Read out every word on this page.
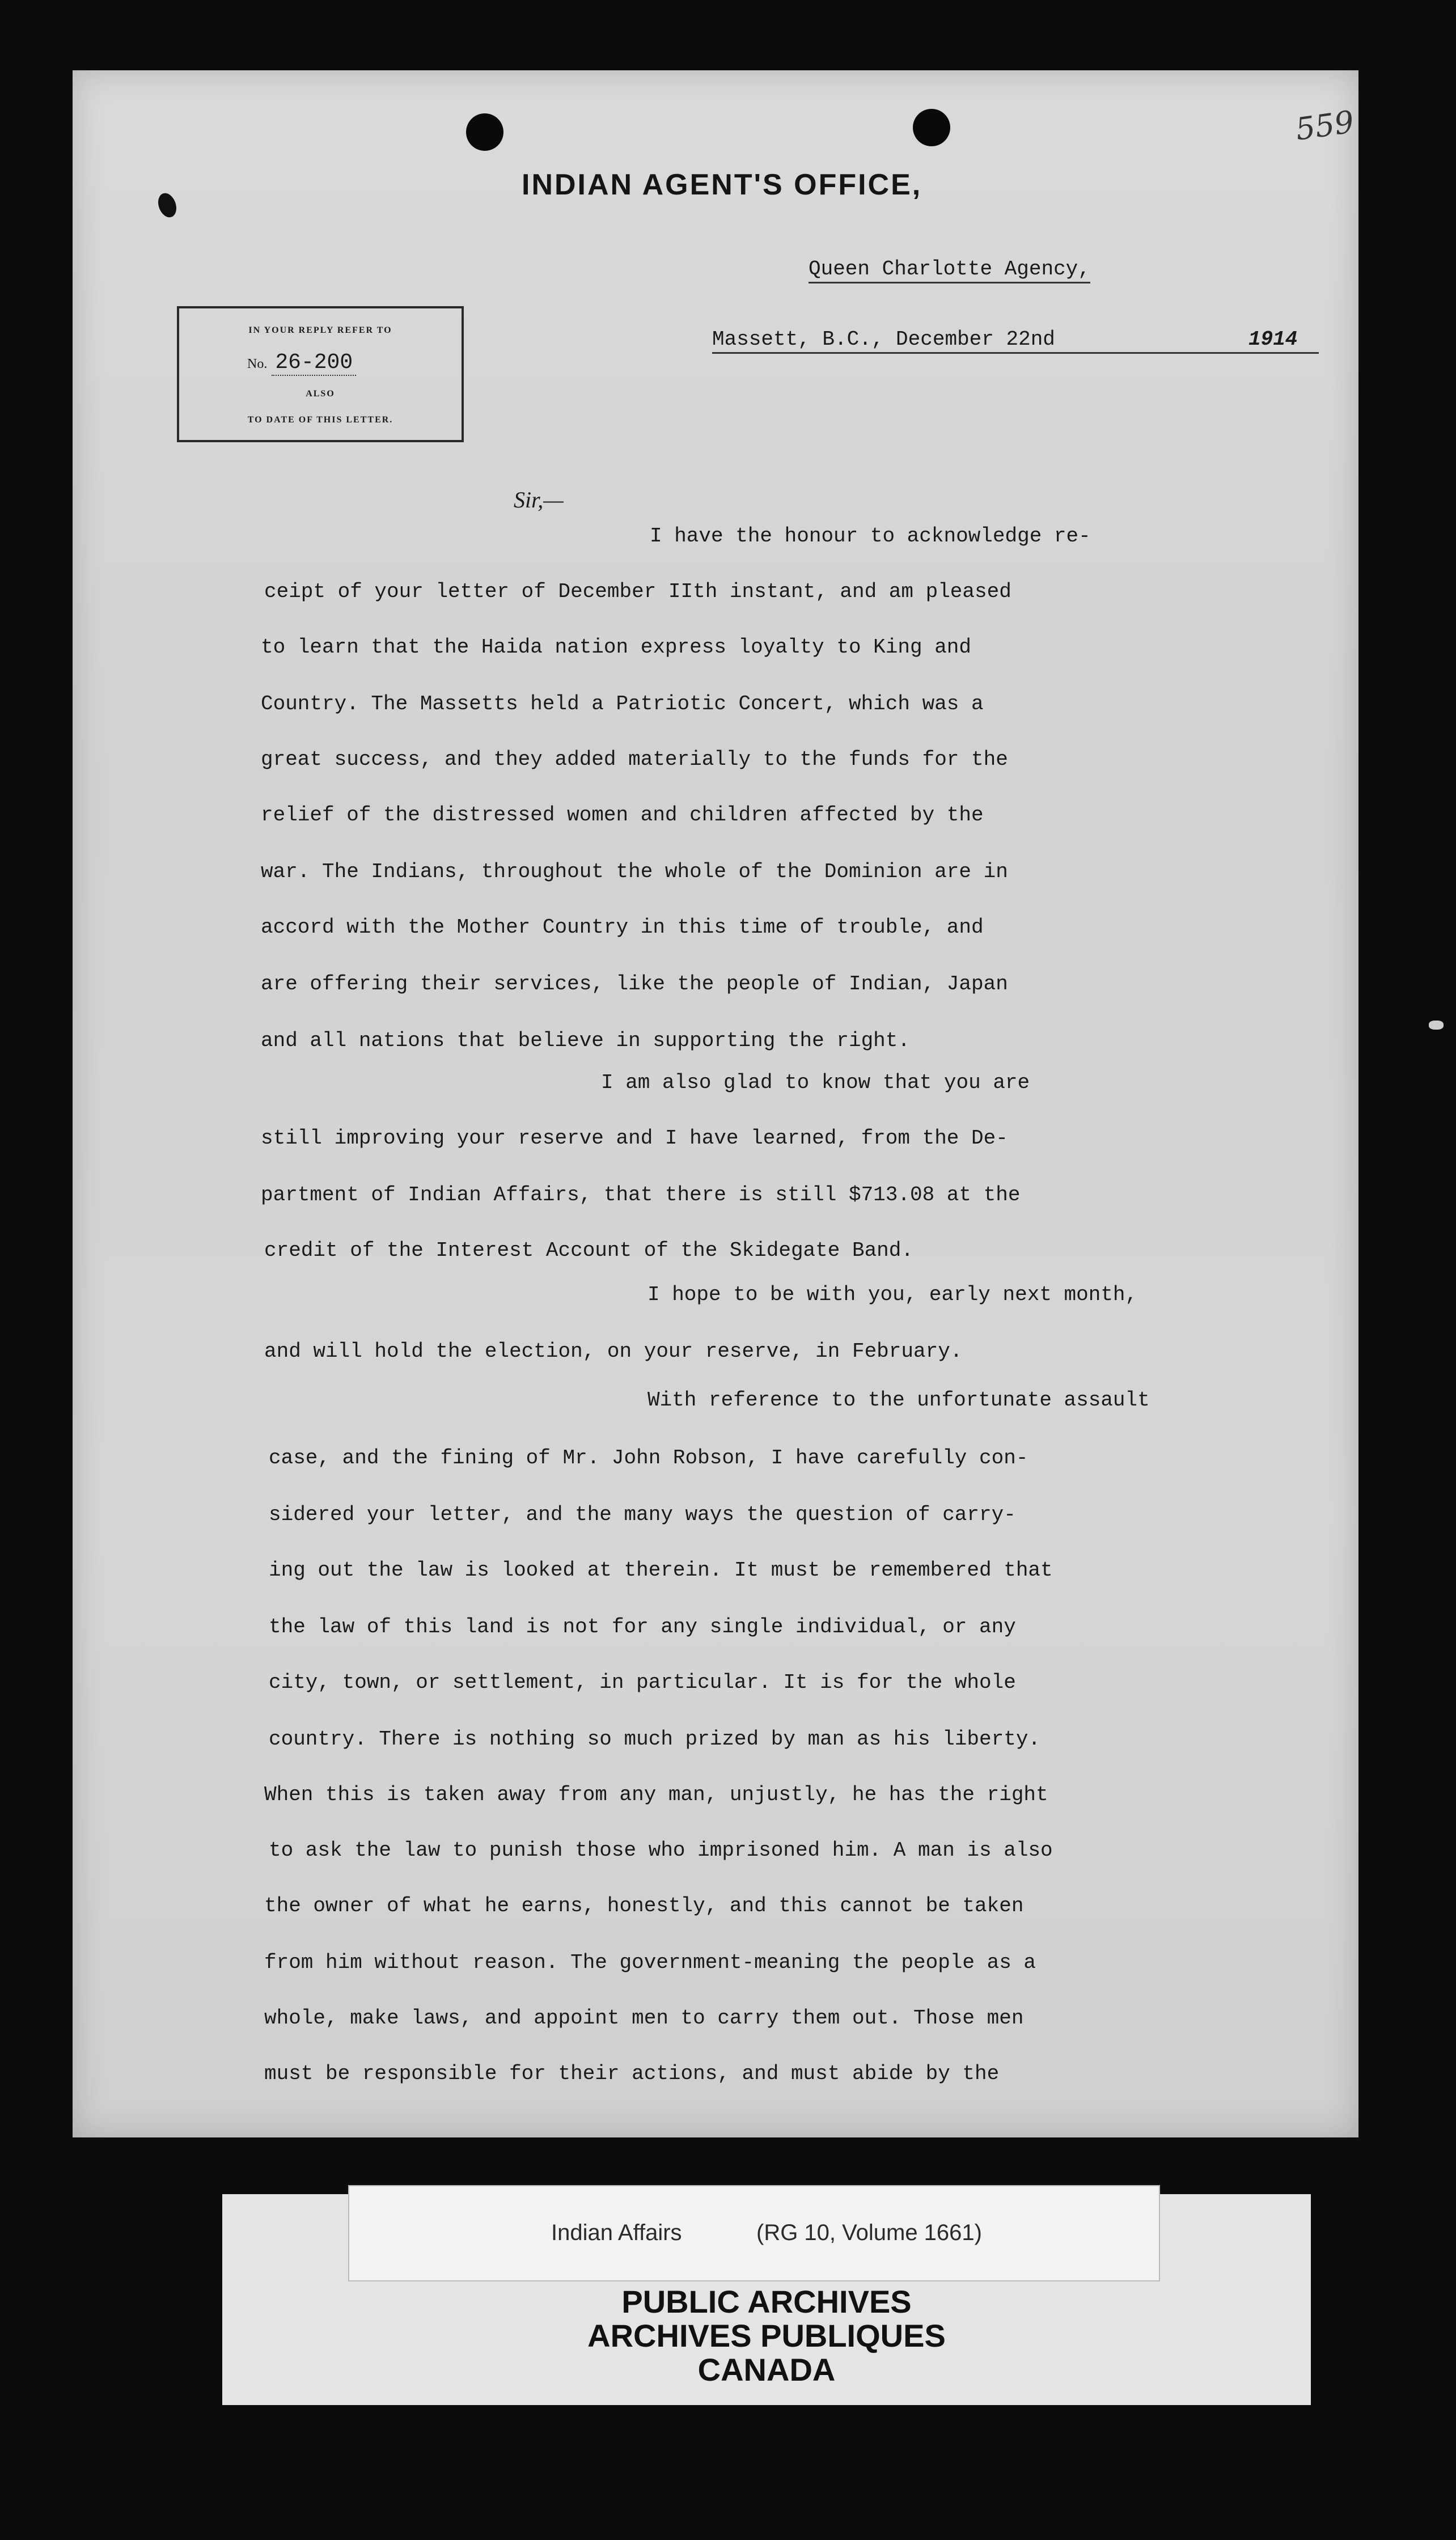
559
INDIAN AGENT'S OFFICE,
Queen Charlotte Agency,
Massett, B.C., December 22nd	1914
IN YOUR REPLY REFER TO
No. 26-200
ALSO
TO DATE OF THIS LETTER.
Sir,—

I have the honour to acknowledge re-

ceipt of your letter of December IIth instant, and am pleased

to learn that the Haida nation express loyalty to King and

Country. The Massetts held a Patriotic Concert, which was a

great success, and they added materially to the funds for the

relief of the distressed women and children affected by the

war. The Indians, throughout the whole of the Dominion are in

accord with the Mother Country in this time of trouble, and

are offering their services, like the people of Indian, Japan

and all nations that believe in supporting the right.

I am also glad to know that you are

still improving your reserve and I have learned, from the De-

partment of Indian Affairs, that there is still $713.08 at the

credit of the Interest Account of the Skidegate Band.

I hope to be with you, early next month,

and will hold the election, on your reserve, in February.

With reference to the unfortunate assault

case, and the fining of Mr. John Robson, I have carefully con-

sidered your letter, and the many ways the question of carry-

ing out the law is looked at therein. It must be remembered that

the law of this land is not for any single individual, or any

city, town, or settlement, in particular. It is for the whole

country. There is nothing so much prized by man as his liberty.

When this is taken away from any man, unjustly, he has the right

to ask the law to punish those who imprisoned him. A man is also

the owner of what he earns, honestly, and this cannot be taken

from him without reason. The government-meaning the people as a

whole, make laws, and appoint men to carry them out. Those men

must be responsible for their actions, and must abide by the

Indian Affairs	(RG 10, Volume 1661)
PUBLIC ARCHIVES
ARCHIVES PUBLIQUES
CANADA
